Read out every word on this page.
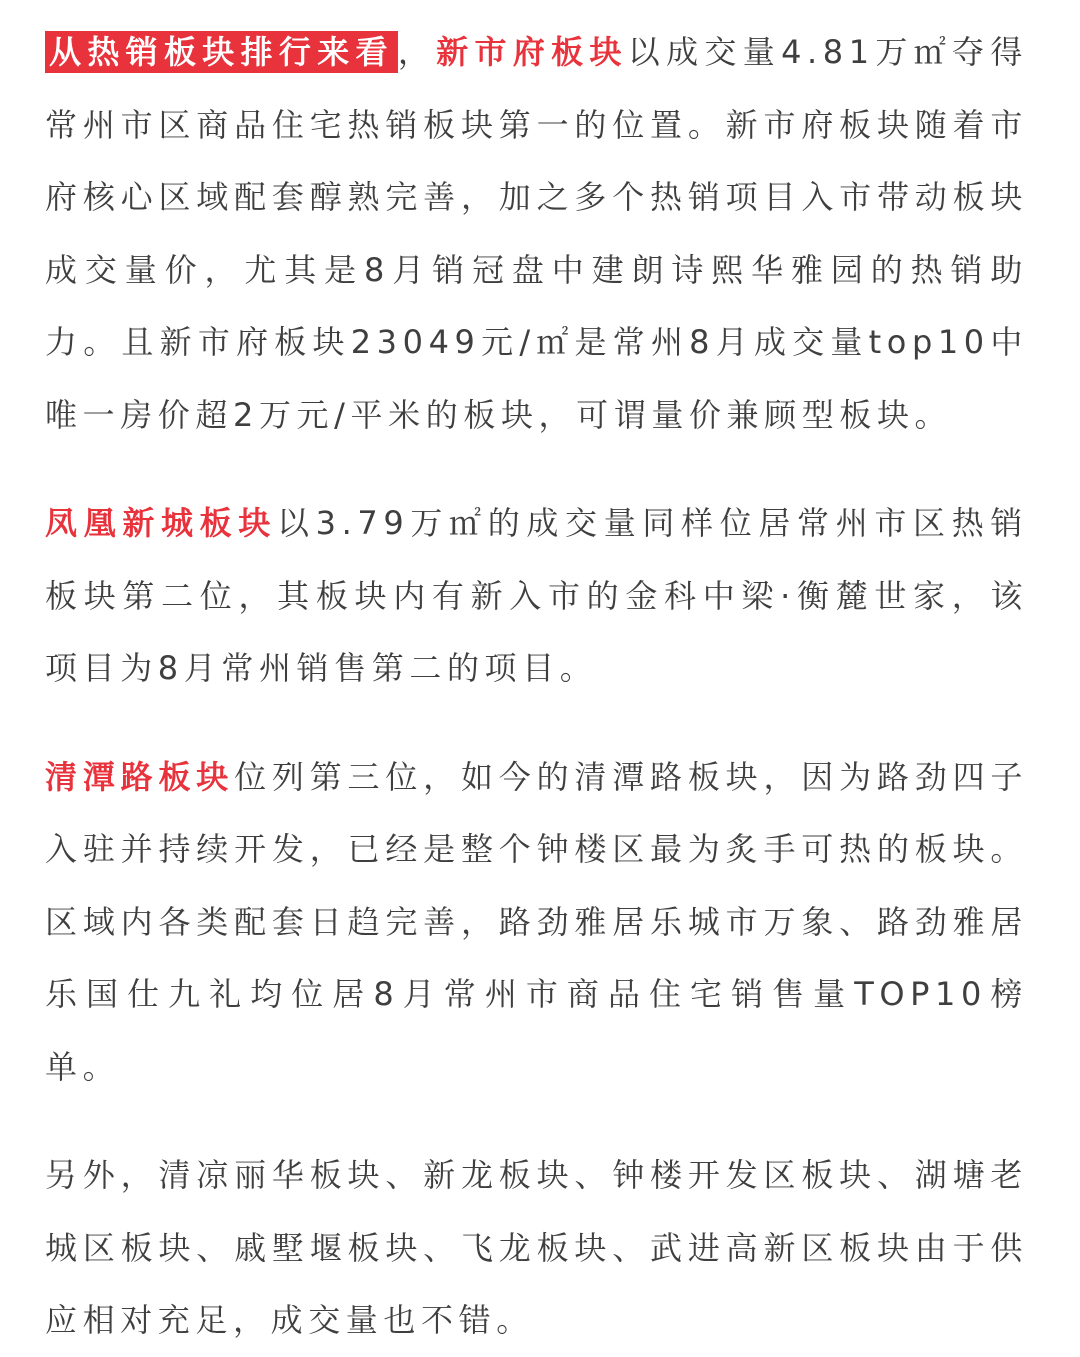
从热销板块排行来看 ，新市府板块以成交量4.81万㎡夺得常州市区商品住宅热销板块第一的位置。新市府板块随着市府核心区域配套醇熟完善，加之多个热销项目入市带动板块成交量价，尤其是8月销冠盘中建朗诗熙华雅园的热销助力。且新市府板块23049元/㎡是常州8月成交量top10中唯一房价超2万元/平米的板块，可谓量价兼顾型板块。

凤凰新城板块以3.79万㎡的成交量同样位居常州市区热销板块第二位，其板块内有新入市的金科中梁·衡麓世家，该项目为8月常州销售第二的项目。

清潭路板块位列第三位，如今的清潭路板块，因为路劲四子入驻并持续开发，已经是整个钟楼区最为炙手可热的板块。区域内各类配套日趋完善，路劲雅居乐城市万象、路劲雅居乐国仕九礼均位居8月常州市商品住宅销售量TOP10榜单。

另外，清凉丽华板块、新龙板块、钟楼开发区板块、湖塘老城区板块、戚墅堰板块、飞龙板块、武进高新区板块由于供应相对充足，成交量也不错。
